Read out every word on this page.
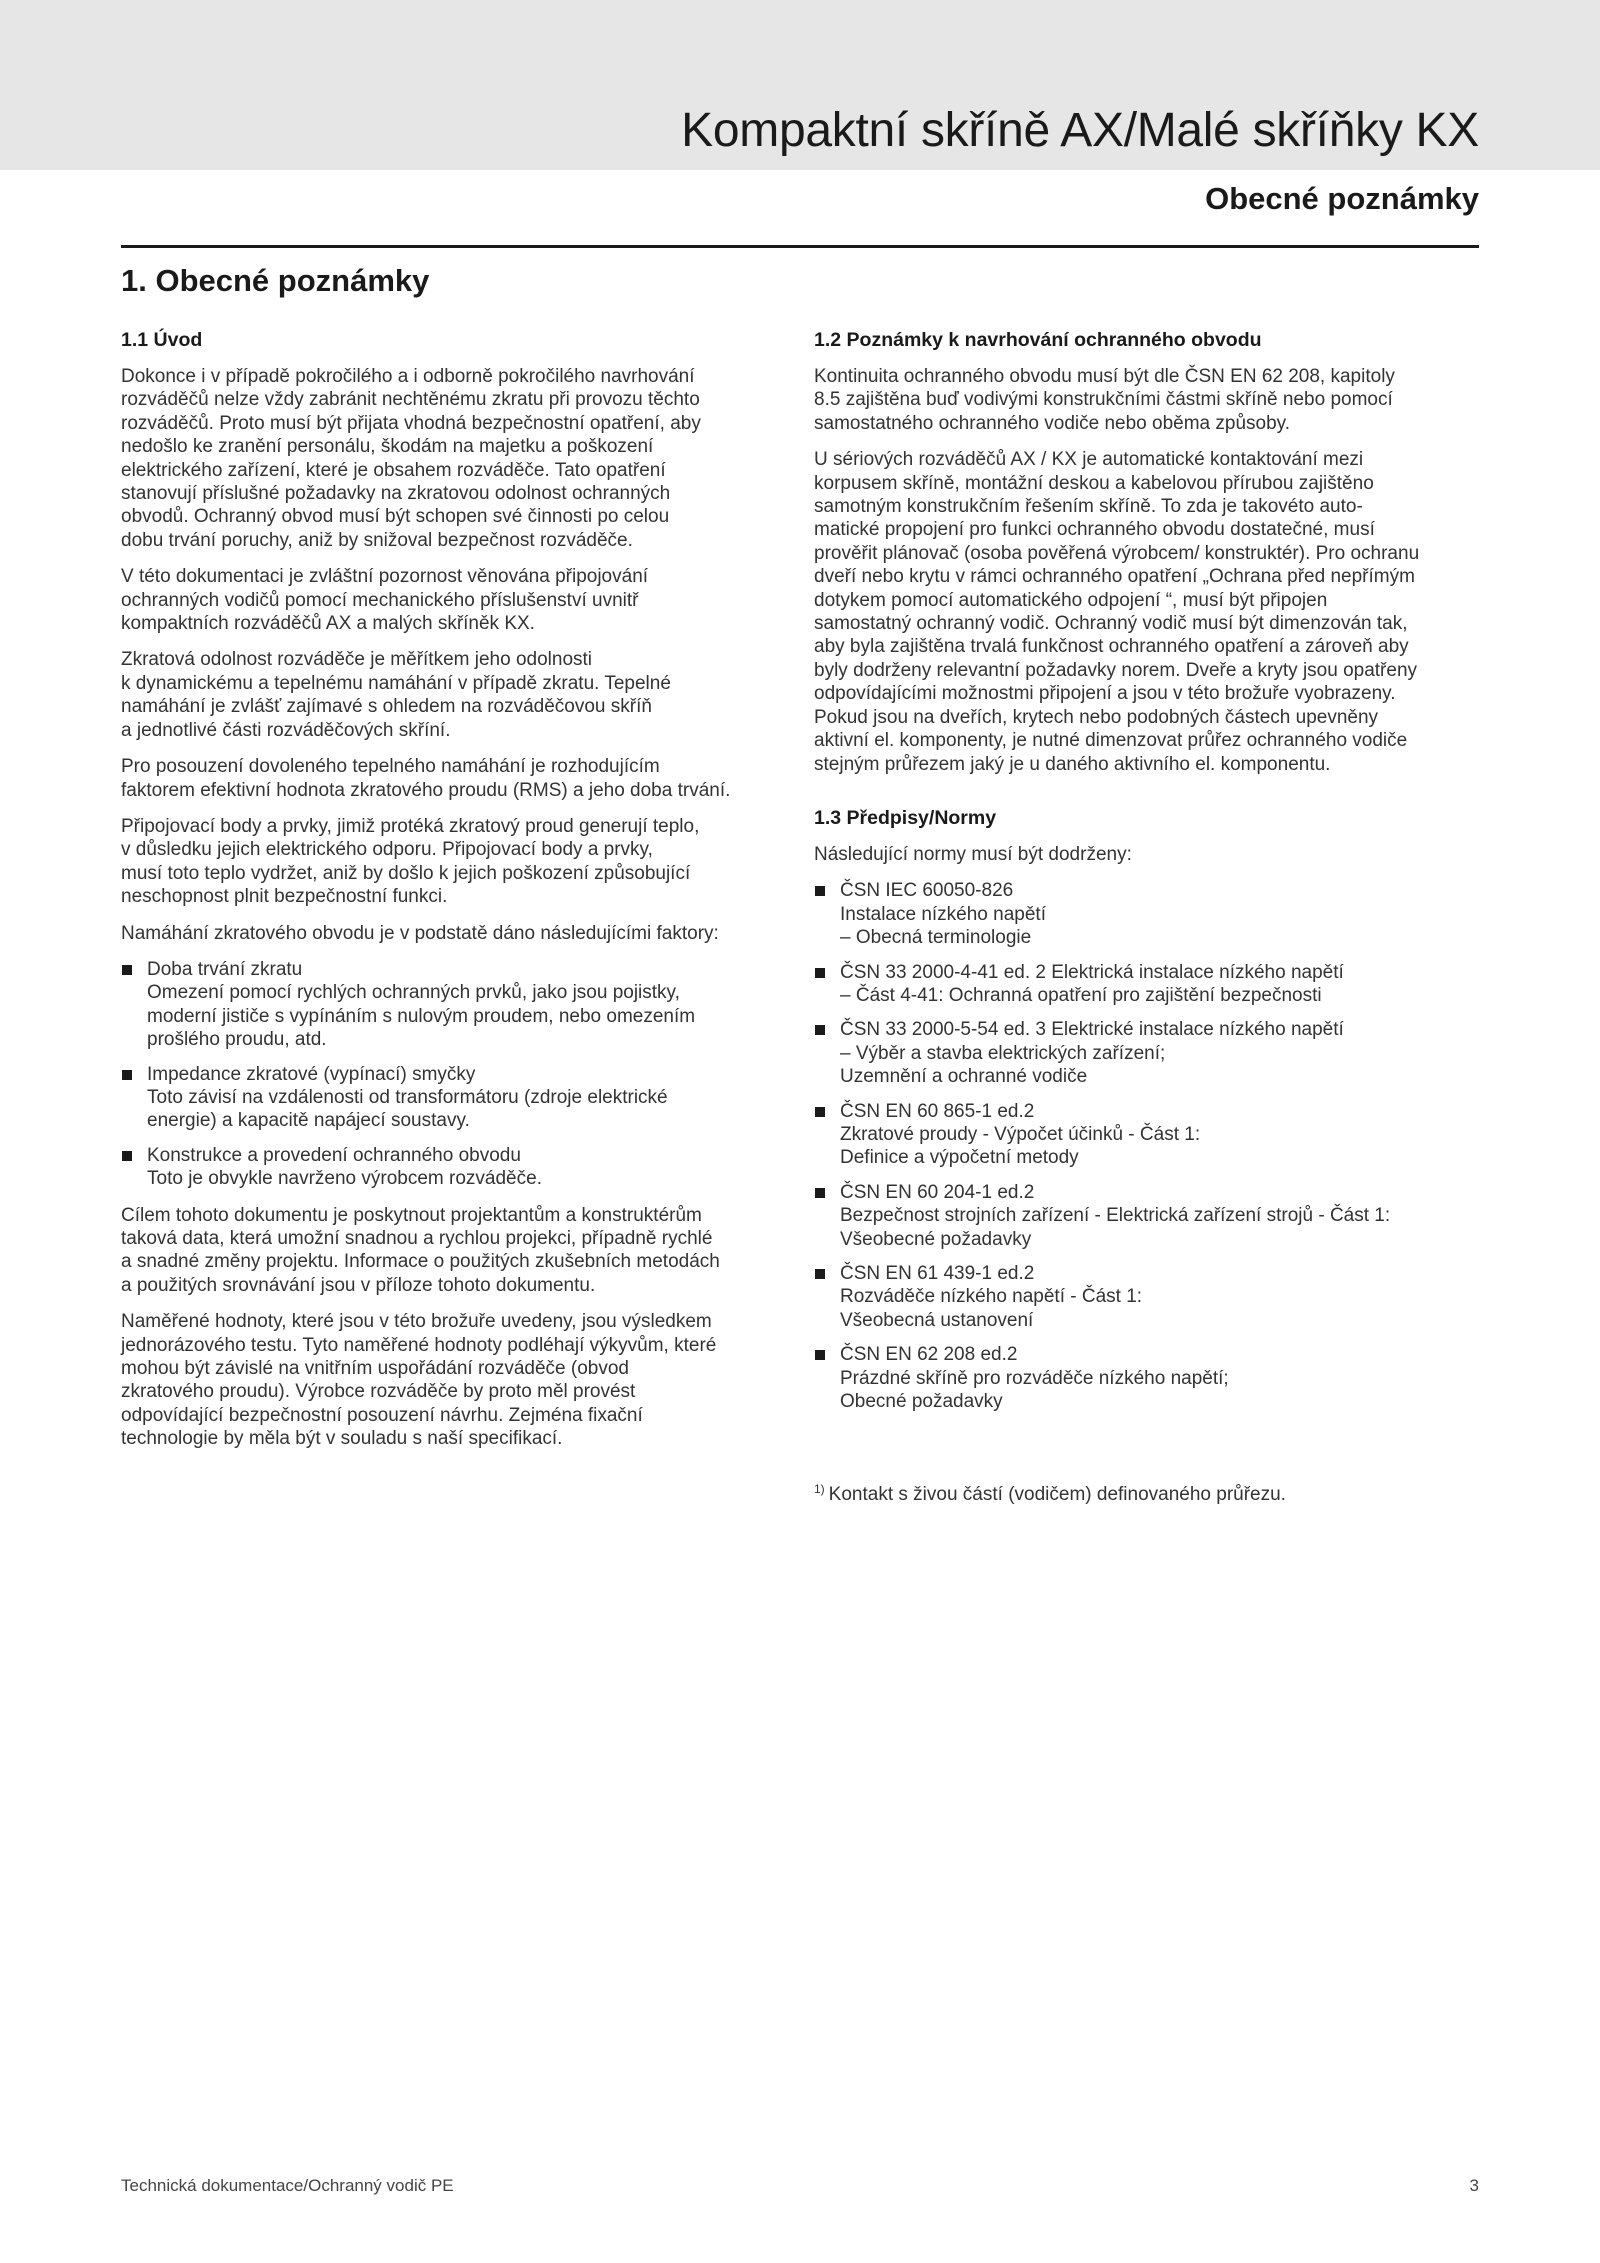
Kompaktní skříně AX/Malé skříňky KX
Obecné poznámky
1. Obecné poznámky
1.1 Úvod

Dokonce i v případě pokročilého a i odborně pokročilého navrhování
rozváděčů nelze vždy zabránit nechtěnému zkratu při provozu těchto
rozváděčů. Proto musí být přijata vhodná bezpečnostní opatření, aby
nedošlo ke zranění personálu, škodám na majetku a poškození
elektrického zařízení, které je obsahem rozváděče. Tato opatření
stanovují příslušné požadavky na zkratovou odolnost ochranných
obvodů. Ochranný obvod musí být schopen své činnosti po celou
dobu trvání poruchy, aniž by snižoval bezpečnost rozváděče.

V této dokumentaci je zvláštní pozornost věnována připojování
ochranných vodičů pomocí mechanického příslušenství uvnitř
kompaktních rozváděčů AX a malých skříněk KX.

Zkratová odolnost rozváděče je měřítkem jeho odolnosti
k dynamickému a tepelnému namáhání v případě zkratu. Tepelné
namáhání je zvlášť zajímavé s ohledem na rozváděčovou skříň
a jednotlivé části rozváděčových skříní.

Pro posouzení dovoleného tepelného namáhání je rozhodujícím
faktorem efektivní hodnota zkratového proudu (RMS) a jeho doba trvání.

Připojovací body a prvky, jimiž protéká zkratový proud generují teplo,
v důsledku jejich elektrického odporu. Připojovací body a prvky,
musí toto teplo vydržet, aniž by došlo k jejich poškození způsobující
neschopnost plnit bezpečnostní funkci.

Namáhání zkratového obvodu je v podstatě dáno následujícími faktory:

Doba trvání zkratu
Omezení pomocí rychlých ochranných prvků, jako jsou pojistky,
moderní jističe s vypínáním s nulovým proudem, nebo omezením
prošlého proudu, atd.
Impedance zkratové (vypínací) smyčky
Toto závisí na vzdálenosti od transformátoru (zdroje elektrické
energie) a kapacitě napájecí soustavy.
Konstrukce a provedení ochranného obvodu
Toto je obvykle navrženo výrobcem rozváděče.

Cílem tohoto dokumentu je poskytnout projektantům a konstruktérům
taková data, která umožní snadnou a rychlou projekci, případně rychlé
a snadné změny projektu. Informace o použitých zkušebních metodách
a použitých srovnávání jsou v příloze tohoto dokumentu.

Naměřené hodnoty, které jsou v této brožuře uvedeny, jsou výsledkem
jednorázového testu. Tyto naměřené hodnoty podléhají výkyvům, které
mohou být závislé na vnitřním uspořádání rozváděče (obvod
zkratového proudu). Výrobce rozváděče by proto měl provést
odpovídající bezpečnostní posouzení návrhu. Zejména fixační
technologie by měla být v souladu s naší specifikací.

1.2 Poznámky k navrhování ochranného obvodu

Kontinuita ochranného obvodu musí být dle ČSN EN 62 208, kapitoly
8.5 zajištěna buď vodivými konstrukčními částmi skříně nebo pomocí
samostatného ochranného vodiče nebo oběma způsoby.

U sériových rozváděčů AX / KX je automatické kontaktování mezi
korpusem skříně, montážní deskou a kabelovou přírubou zajištěno
samotným konstrukčním řešením skříně. To zda je takovéto auto-
matické propojení pro funkci ochranného obvodu dostatečné, musí
prověřit plánovač (osoba pověřená výrobcem/ konstruktér). Pro ochranu
dveří nebo krytu v rámci ochranného opatření „Ochrana před nepřímým
dotykem pomocí automatického odpojení “, musí být připojen
samostatný ochranný vodič. Ochranný vodič musí být dimenzován tak,
aby byla zajištěna trvalá funkčnost ochranného opatření a zároveň aby
byly dodrženy relevantní požadavky norem. Dveře a kryty jsou opatřeny
odpovídajícími možnostmi připojení a jsou v této brožuře vyobrazeny.
Pokud jsou na dveřích, krytech nebo podobných částech upevněny
aktivní el. komponenty, je nutné dimenzovat průřez ochranného vodiče
stejným průřezem jaký je u daného aktivního el. komponentu.

1.3 Předpisy/Normy

Následující normy musí být dodrženy:

ČSN IEC 60050-826
Instalace nízkého napětí
– Obecná terminologie
ČSN 33 2000-4-41 ed. 2 Elektrická instalace nízkého napětí
– Část 4-41: Ochranná opatření pro zajištění bezpečnosti
ČSN 33 2000-5-54 ed. 3 Elektrické instalace nízkého napětí
– Výběr a stavba elektrických zařízení;
Uzemnění a ochranné vodiče
ČSN EN 60 865-1 ed.2
Zkratové proudy - Výpočet účinků - Část 1:
Definice a výpočetní metody
ČSN EN 60 204-1 ed.2
Bezpečnost strojních zařízení - Elektrická zařízení strojů - Část 1:
Všeobecné požadavky
ČSN EN 61 439-1 ed.2
Rozváděče nízkého napětí - Část 1:
Všeobecná ustanovení
ČSN EN 62 208 ed.2
Prázdné skříně pro rozváděče nízkého napětí;
Obecné požadavky
$^{1)}$ Kontakt s živou částí (vodičem) definovaného průřezu.
Technická dokumentace/Ochranný vodič PE	3
